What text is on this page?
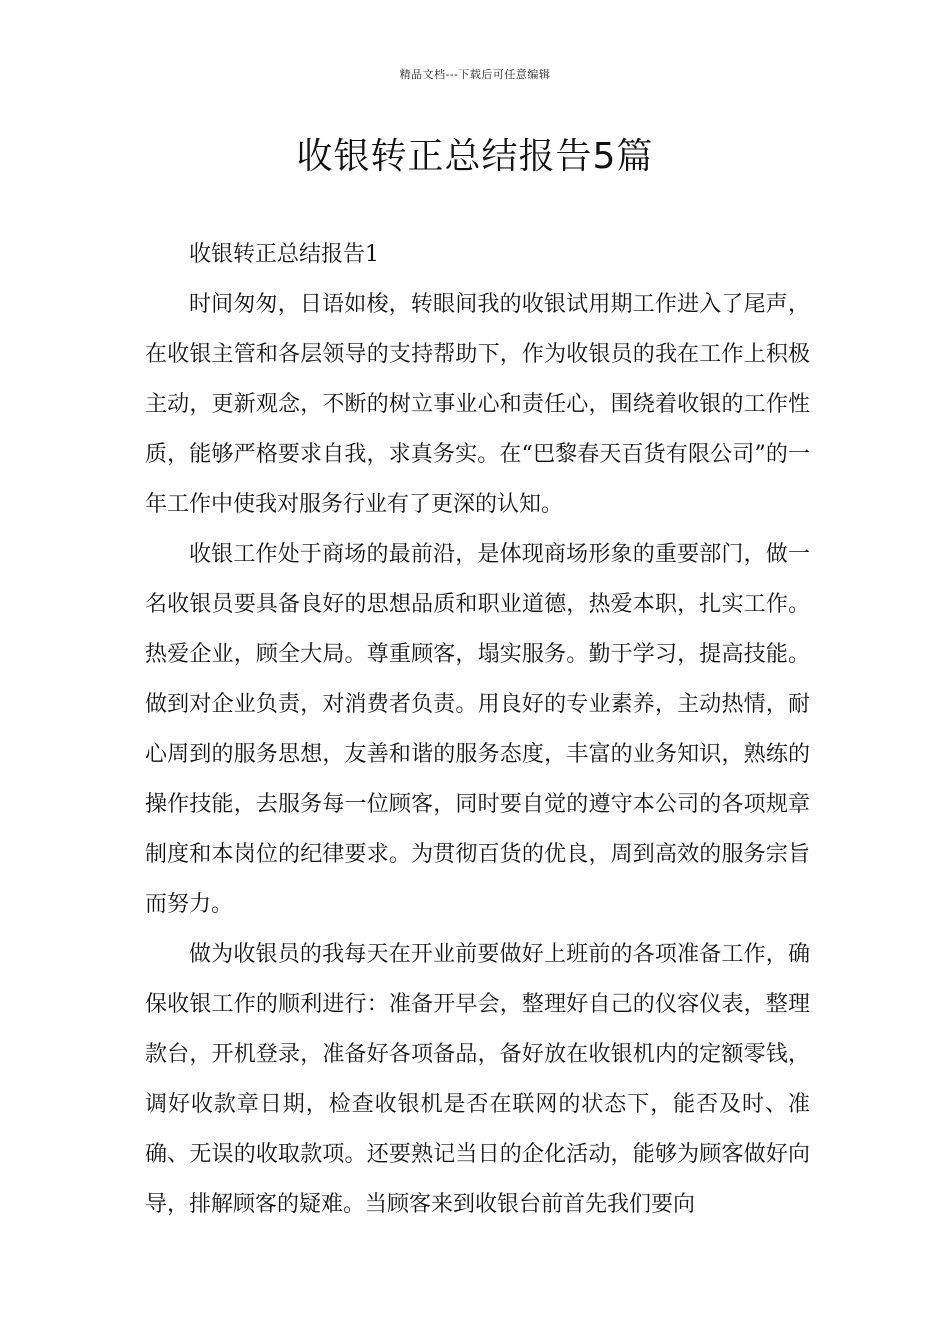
精品文档---下载后可任意编辑
收银转正总结报告5篇
收银转正总结报告1

时间匆匆，日语如梭，转眼间我的收银试用期工作进入了尾声，在收银主管和各层领导的支持帮助下，作为收银员的我在工作上积极主动，更新观念，不断的树立事业心和责任心，围绕着收银的工作性质，能够严格要求自我，求真务实。在“巴黎春天百货有限公司”的一年工作中使我对服务行业有了更深的认知。

收银工作处于商场的最前沿，是体现商场形象的重要部门，做一名收银员要具备良好的思想品质和职业道德，热爱本职，扎实工作。热爱企业，顾全大局。尊重顾客，塌实服务。勤于学习，提高技能。做到对企业负责，对消费者负责。用良好的专业素养，主动热情，耐心周到的服务思想，友善和谐的服务态度，丰富的业务知识，熟练的操作技能，去服务每一位顾客，同时要自觉的遵守本公司的各项规章制度和本岗位的纪律要求。为贯彻百货的优良，周到高效的服务宗旨而努力。

做为收银员的我每天在开业前要做好上班前的各项准备工作，确保收银工作的顺利进行：准备开早会，整理好自己的仪容仪表，整理款台，开机登录，准备好各项备品，备好放在收银机内的定额零钱，调好收款章日期，检查收银机是否在联网的状态下，能否及时、准确、无误的收取款项。还要熟记当日的企化活动，能够为顾客做好向导，排解顾客的疑难。当顾客来到收银台前首先我们要向
